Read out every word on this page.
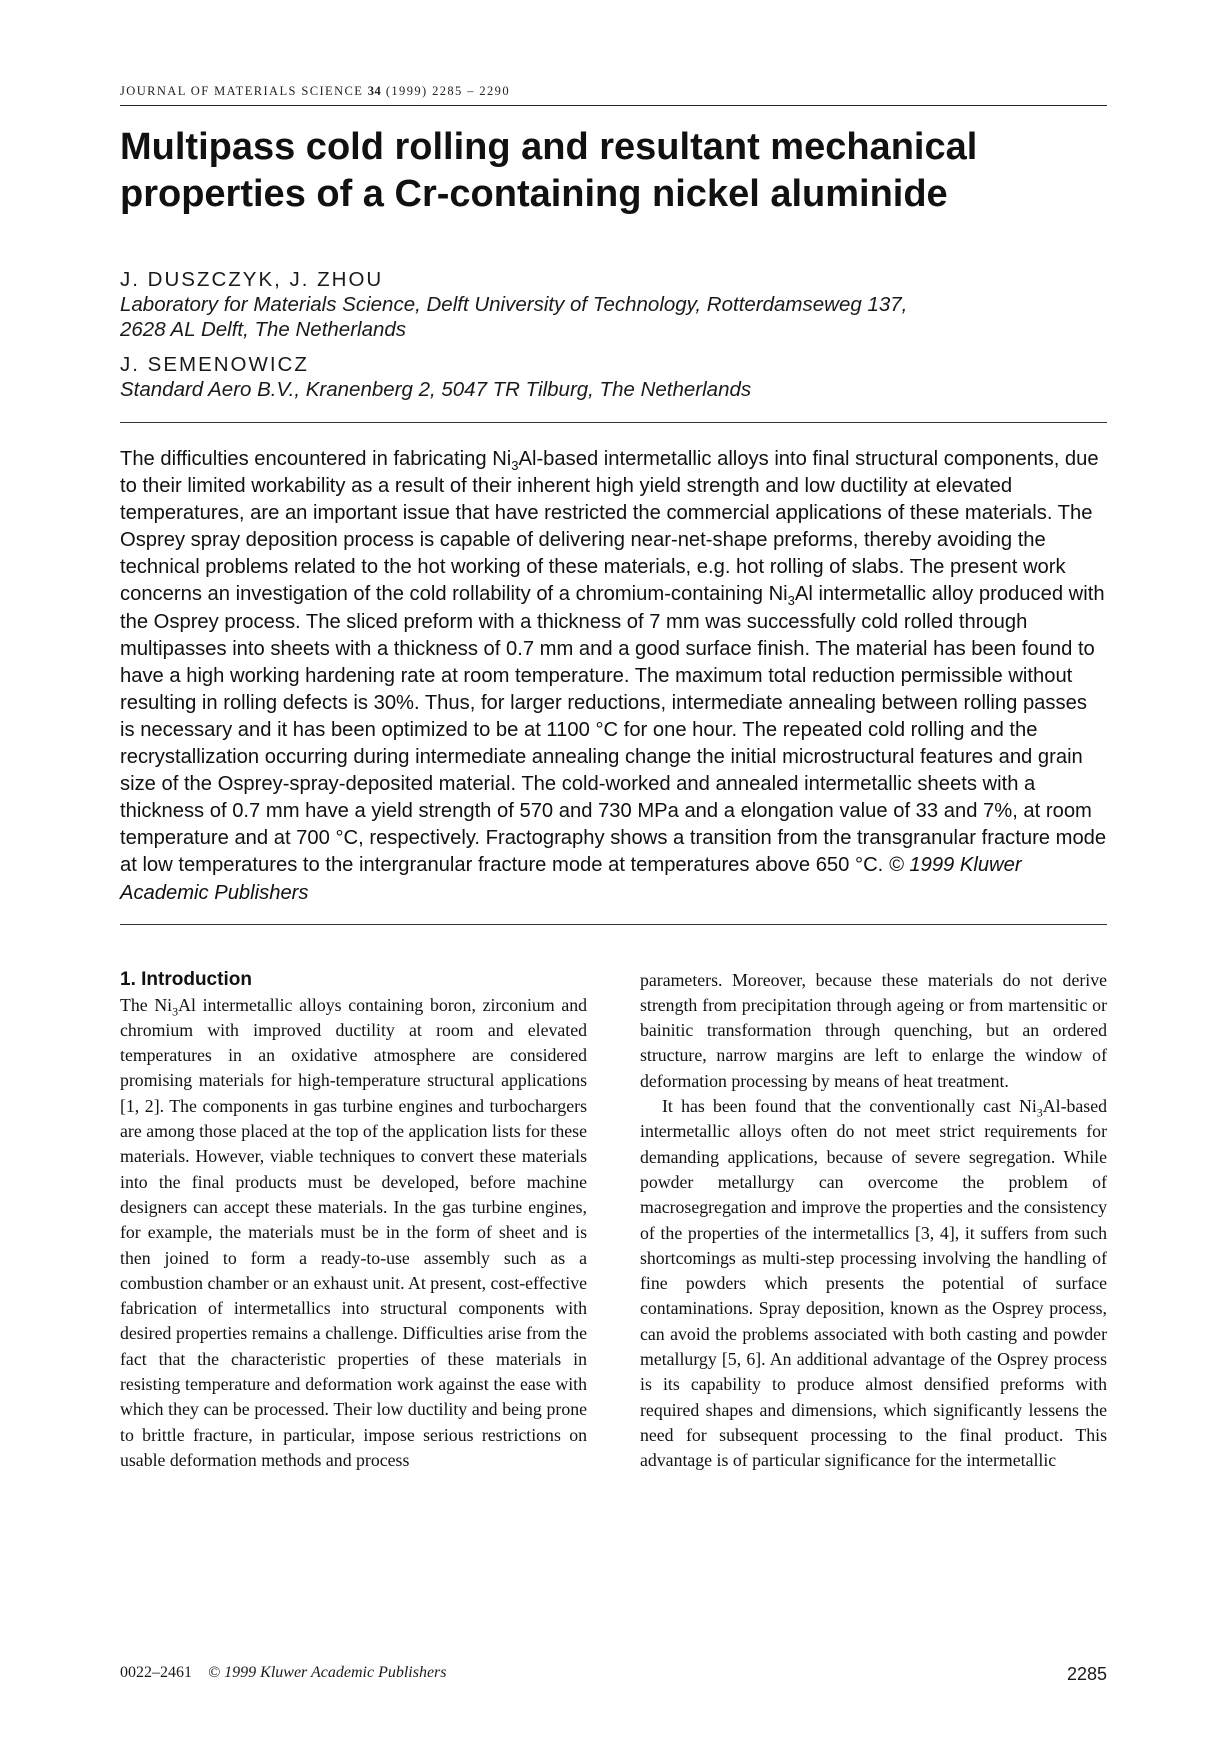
JOURNAL OF MATERIALS SCIENCE 34 (1999) 2285 – 2290
Multipass cold rolling and resultant mechanical
properties of a Cr-containing nickel aluminide
J. DUSZCZYK, J. ZHOU
Laboratory for Materials Science, Delft University of Technology, Rotterdamseweg 137,
2628 AL Delft, The Netherlands
J. SEMENOWICZ
Standard Aero B.V., Kranenberg 2, 5047 TR Tilburg, The Netherlands
The difficulties encountered in fabricating $Ni_3Al$-based intermetallic alloys into final structural components, due to their limited workability as a result of their inherent high yield strength and low ductility at elevated temperatures, are an important issue that have restricted the commercial applications of these materials. The Osprey spray deposition process is capable of delivering near-net-shape preforms, thereby avoiding the technical problems related to the hot working of these materials, e.g. hot rolling of slabs. The present work concerns an investigation of the cold rollability of a chromium-containing $Ni_3Al$ intermetallic alloy produced with the Osprey process. The sliced preform with a thickness of 7 mm was successfully cold rolled through multipasses into sheets with a thickness of 0.7 mm and a good surface finish. The material has been found to have a high working hardening rate at room temperature. The maximum total reduction permissible without resulting in rolling defects is 30%. Thus, for larger reductions, intermediate annealing between rolling passes is necessary and it has been optimized to be at 1100 °C for one hour. The repeated cold rolling and the recrystallization occurring during intermediate annealing change the initial microstructural features and grain size of the Osprey-spray-deposited material. The cold-worked and annealed intermetallic sheets with a thickness of 0.7 mm have a yield strength of 570 and 730 MPa and a elongation value of 33 and 7%, at room temperature and at 700 °C, respectively. Fractography shows a transition from the transgranular fracture mode at low temperatures to the intergranular fracture mode at temperatures above 650 °C. © 1999 Kluwer Academic Publishers
1. Introduction

The $Ni_3Al$ intermetallic alloys containing boron, zirconium and chromium with improved ductility at room and elevated temperatures in an oxidative atmosphere are considered promising materials for high-temperature structural applications [1, 2]. The components in gas turbine engines and turbochargers are among those placed at the top of the application lists for these materials. However, viable techniques to convert these materials into the final products must be developed, before machine designers can accept these materials. In the gas turbine engines, for example, the materials must be in the form of sheet and is then joined to form a ready-to-use assembly such as a combustion chamber or an exhaust unit. At present, cost-effective fabrication of intermetallics into structural components with desired properties remains a challenge. Difficulties arise from the fact that the characteristic properties of these materials in resisting temperature and deformation work against the ease with which they can be processed. Their low ductility and being prone to brittle fracture, in particular, impose serious restrictions on usable deformation methods and process

parameters. Moreover, because these materials do not derive strength from precipitation through ageing or from martensitic or bainitic transformation through quenching, but an ordered structure, narrow margins are left to enlarge the window of deformation processing by means of heat treatment.

It has been found that the conventionally cast $Ni_3Al$-based intermetallic alloys often do not meet strict requirements for demanding applications, because of severe segregation. While powder metallurgy can overcome the problem of macrosegregation and improve the properties and the consistency of the properties of the intermetallics [3, 4], it suffers from such shortcomings as multi-step processing involving the handling of fine powders which presents the potential of surface contaminations. Spray deposition, known as the Osprey process, can avoid the problems associated with both casting and powder metallurgy [5, 6]. An additional advantage of the Osprey process is its capability to produce almost densified preforms with required shapes and dimensions, which significantly lessens the need for subsequent processing to the final product. This advantage is of particular significance for the intermetallic

0022–2461 © 1999 Kluwer Academic Publishers	2285
